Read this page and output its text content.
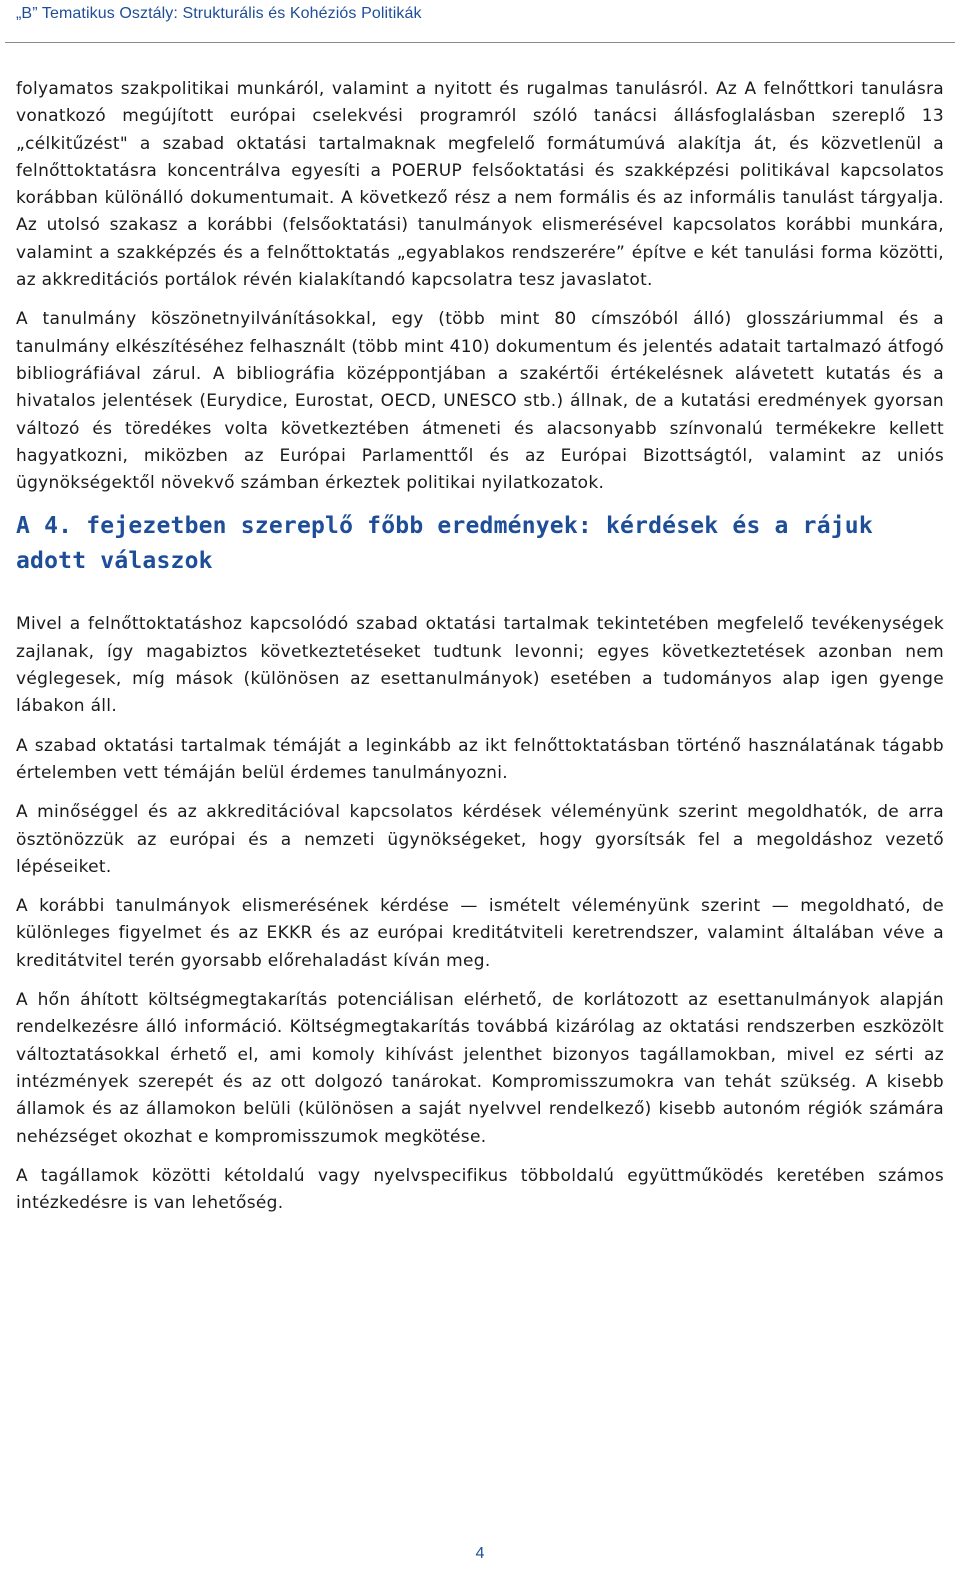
„B” Tematikus Osztály: Strukturális és Kohéziós Politikák

folyamatos szakpolitikai munkáról, valamint a nyitott és rugalmas tanulásról. Az A felnőttkori tanulásra vonatkozó megújított európai cselekvési programról szóló tanácsi állásfoglalásban szereplő 13 „célkitűzést" a szabad oktatási tartalmaknak megfelelő formátumúvá alakítja át, és közvetlenül a felnőttoktatásra koncentrálva egyesíti a POERUP felsőoktatási és szakképzési politikával kapcsolatos korábban különálló dokumentumait. A következő rész a nem formális és az informális tanulást tárgyalja. Az utolsó szakasz a korábbi (felsőoktatási) tanulmányok elismerésével kapcsolatos korábbi munkára, valamint a szakképzés és a felnőttoktatás „egyablakos rendszerére” építve e két tanulási forma közötti, az akkreditációs portálok révén kialakítandó kapcsolatra tesz javaslatot.

A tanulmány köszönetnyilvánításokkal, egy (több mint 80 címszóból álló) glosszáriummal és a tanulmány elkészítéséhez felhasznált (több mint 410) dokumentum és jelentés adatait tartalmazó átfogó bibliográfiával zárul. A bibliográfia középpontjában a szakértői értékelésnek alávetett kutatás és a hivatalos jelentések (Eurydice, Eurostat, OECD, UNESCO stb.) állnak, de a kutatási eredmények gyorsan változó és töredékes volta következtében átmeneti és alacsonyabb színvonalú termékekre kellett hagyatkozni, miközben az Európai Parlamenttől és az Európai Bizottságtól, valamint az uniós ügynökségektől növekvő számban érkeztek politikai nyilatkozatok.

A 4. fejezetben szereplő főbb eredmények: kérdések és a rájuk adott válaszok

Mivel a felnőttoktatáshoz kapcsolódó szabad oktatási tartalmak tekintetében megfelelő tevékenységek zajlanak, így magabiztos következtetéseket tudtunk levonni; egyes következtetések azonban nem véglegesek, míg mások (különösen az esettanulmányok) esetében a tudományos alap igen gyenge lábakon áll.

A szabad oktatási tartalmak témáját a leginkább az ikt felnőttoktatásban történő használatának tágabb értelemben vett témáján belül érdemes tanulmányozni.

A minőséggel és az akkreditációval kapcsolatos kérdések véleményünk szerint megoldhatók, de arra ösztönözzük az európai és a nemzeti ügynökségeket, hogy gyorsítsák fel a megoldáshoz vezető lépéseiket.

A korábbi tanulmányok elismerésének kérdése — ismételt véleményünk szerint — megoldható, de különleges figyelmet és az EKKR és az európai kreditátviteli keretrendszer, valamint általában véve a kreditátvitel terén gyorsabb előrehaladást kíván meg.

A hőn áhított költségmegtakarítás potenciálisan elérhető, de korlátozott az esettanulmányok alapján rendelkezésre álló információ. Költségmegtakarítás továbbá kizárólag az oktatási rendszerben eszközölt változtatásokkal érhető el, ami komoly kihívást jelenthet bizonyos tagállamokban, mivel ez sérti az intézmények szerepét és az ott dolgozó tanárokat. Kompromisszumokra van tehát szükség. A kisebb államok és az államokon belüli (különösen a saját nyelvvel rendelkező) kisebb autonóm régiók számára nehézséget okozhat e kompromisszumok megkötése.

A tagállamok közötti kétoldalú vagy nyelvspecifikus többoldalú együttműködés keretében számos intézkedésre is van lehetőség.

4
